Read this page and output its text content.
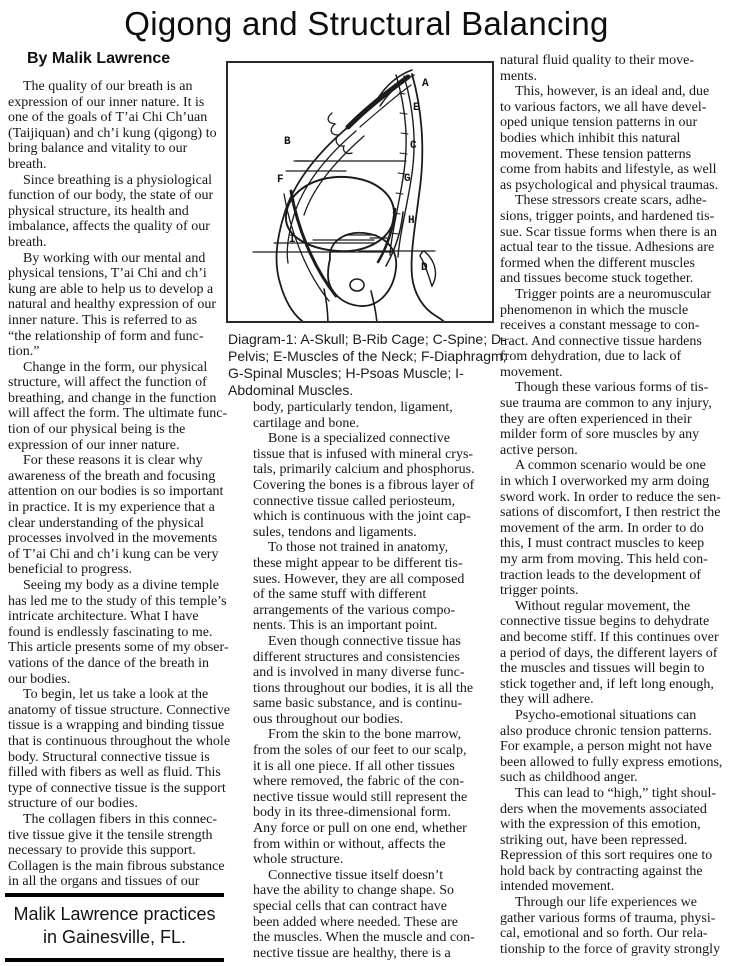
Qigong and Structural Balancing
By Malik Lawrence
The quality of our breath is an
expression of our inner nature. It is
one of the goals of T’ai Chi Ch’uan
(Taijiquan) and ch’i kung (qigong) to
bring balance and vitality to our
breath.
Since breathing is a physiological
function of our body, the state of our
physical structure, its health and
imbalance, affects the quality of our
breath.
By working with our mental and
physical tensions, T’ai Chi and ch’i
kung are able to help us to develop a
natural and healthy expression of our
inner nature. This is referred to as
“the relationship of form and func-
tion.”
Change in the form, our physical
structure, will affect the function of
breathing, and change in the function
will affect the form. The ultimate func-
tion of our physical being is the
expression of our inner nature.
For these reasons it is clear why
awareness of the breath and focusing
attention on our bodies is so important
in practice. It is my experience that a
clear understanding of the physical
processes involved in the movements
of T’ai Chi and ch’i kung can be very
beneficial to progress.
Seeing my body as a divine temple
has led me to the study of this temple’s
intricate architecture. What I have
found is endlessly fascinating to me.
This article presents some of my obser-
vations of the dance of the breath in
our bodies.
To begin, let us take a look at the
anatomy of tissue structure. Connective
tissue is a wrapping and binding tissue
that is continuous throughout the whole
body. Structural connective tissue is
filled with fibers as well as fluid. This
type of connective tissue is the support
structure of our bodies.
The collagen fibers in this connec-
tive tissue give it the tensile strength
necessary to provide this support.
Collagen is the main fibrous substance
in all the organs and tissues of our
A
E
B	C
F	G
H
I
D
Diagram-1: A-Skull; B-Rib Cage; C-Spine; D-
Pelvis; E-Muscles of the Neck; F-Diaphragm;
G-Spinal Muscles; H-Psoas Muscle; I-
Abdominal Muscles.
body, particularly tendon, ligament,
cartilage and bone.
Bone is a specialized connective
tissue that is infused with mineral crys-
tals, primarily calcium and phosphorus.
Covering the bones is a fibrous layer of
connective tissue called periosteum,
which is continuous with the joint cap-
sules, tendons and ligaments.
To those not trained in anatomy,
these might appear to be different tis-
sues. However, they are all composed
of the same stuff with different
arrangements of the various compo-
nents. This is an important point.
Even though connective tissue has
different structures and consistencies
and is involved in many diverse func-
tions throughout our bodies, it is all the
same basic substance, and is continu-
ous throughout our bodies.
From the skin to the bone marrow,
from the soles of our feet to our scalp,
it is all one piece. If all other tissues
where removed, the fabric of the con-
nective tissue would still represent the
body in its three-dimensional form.
Any force or pull on one end, whether
from within or without, affects the
whole structure.
Connective tissue itself doesn’t
have the ability to change shape. So
special cells that can contract have
been added where needed. These are
the muscles. When the muscle and con-
nective tissue are healthy, there is a
natural fluid quality to their move-
ments.
This, however, is an ideal and, due
to various factors, we all have devel-
oped unique tension patterns in our
bodies which inhibit this natural
movement. These tension patterns
come from habits and lifestyle, as well
as psychological and physical traumas.
These stressors create scars, adhe-
sions, trigger points, and hardened tis-
sue. Scar tissue forms when there is an
actual tear to the tissue. Adhesions are
formed when the different muscles
and tissues become stuck together.
Trigger points are a neuromuscular
phenomenon in which the muscle
receives a constant message to con-
tract. And connective tissue hardens
from dehydration, due to lack of
movement.
Though these various forms of tis-
sue trauma are common to any injury,
they are often experienced in their
milder form of sore muscles by any
active person.
A common scenario would be one
in which I overworked my arm doing
sword work. In order to reduce the sen-
sations of discomfort, I then restrict the
movement of the arm. In order to do
this, I must contract muscles to keep
my arm from moving. This held con-
traction leads to the development of
trigger points.
Without regular movement, the
connective tissue begins to dehydrate
and become stiff. If this continues over
a period of days, the different layers of
the muscles and tissues will begin to
stick together and, if left long enough,
they will adhere.
Psycho-emotional situations can
also produce chronic tension patterns.
For example, a person might not have
been allowed to fully express emotions,
such as childhood anger.
This can lead to “high,” tight shoul-
ders when the movements associated
with the expression of this emotion,
striking out, have been repressed.
Repression of this sort requires one to
hold back by contracting against the
intended movement.
Through our life experiences we
gather various forms of trauma, physi-
cal, emotional and so forth. Our rela-
tionship to the force of gravity strongly
Malik Lawrence practices
in Gainesville, FL.
